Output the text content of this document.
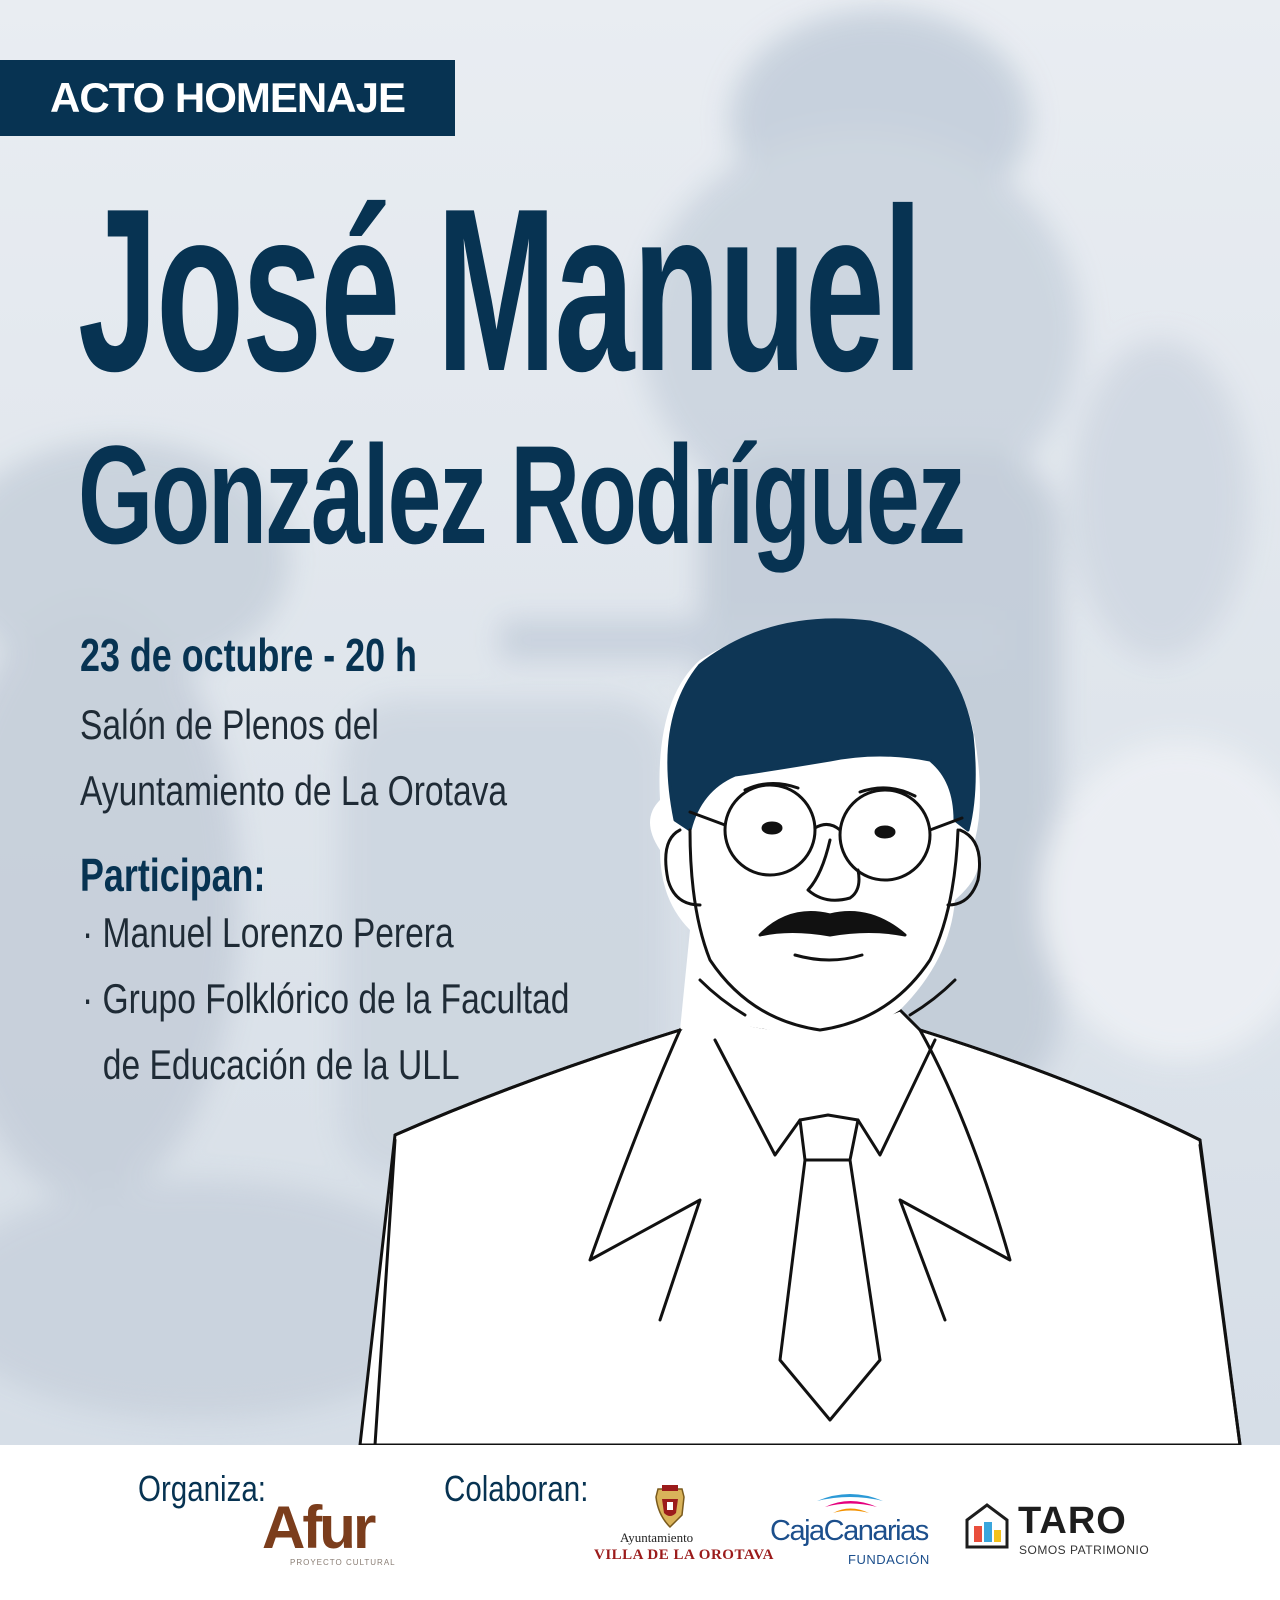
ACTO HOMENAJE
José Manuel
González Rodríguez
23 de octubre - 20 h
Salón de Plenos del
Ayuntamiento de La Orotava
Participan:
· Manuel Lorenzo Perera
· Grupo Folklórico de la Facultad
de Educación de la ULL
Organiza:	Colaboran:
Afur
PROYECTO CULTURAL
Ayuntamiento
VILLA DE LA OROTAVA
CajaCanarias
FUNDACIÓN
TARO
SOMOS PATRIMONIO
